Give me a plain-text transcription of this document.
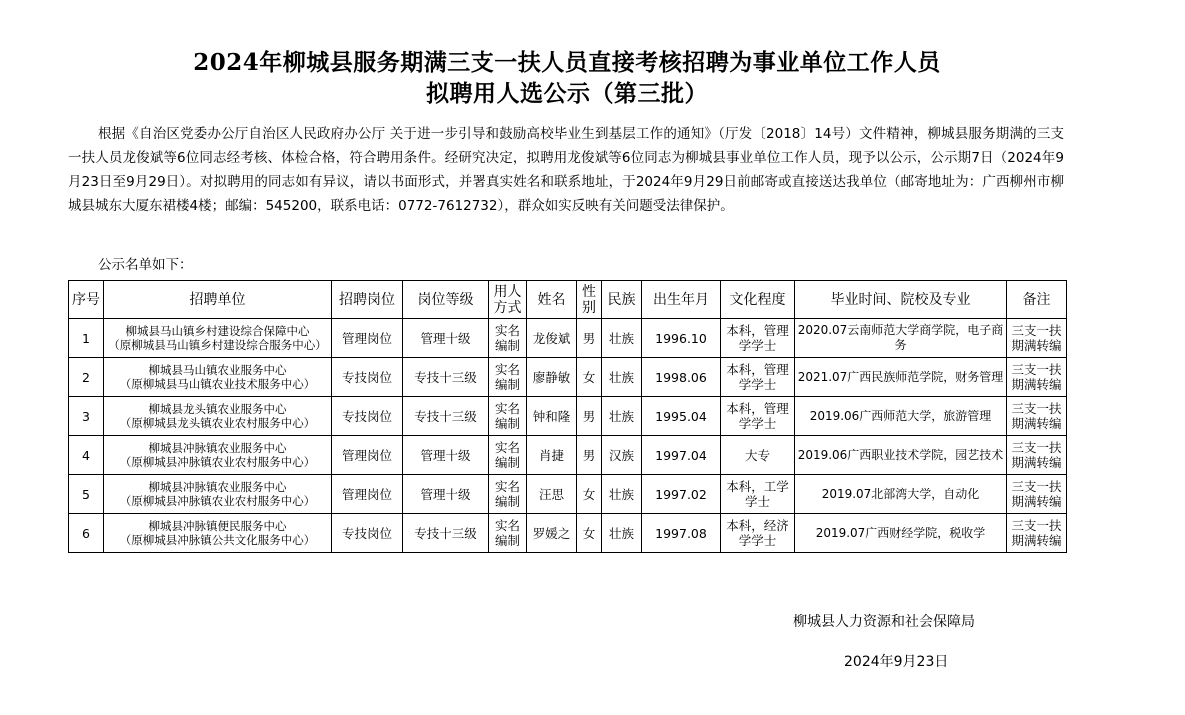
2024年柳城县服务期满三支一扶人员直接考核招聘为事业单位工作人员
拟聘用人选公示（第三批）

根据《自治区党委办公厅自治区人民政府办公厅 关于进一步引导和鼓励高校毕业生到基层工作的通知》（厅发〔2018〕14号）文件精神，柳城县服务期满的三支一扶人员龙俊斌等6位同志经考核、体检合格，符合聘用条件。经研究决定，拟聘用龙俊斌等6位同志为柳城县事业单位工作人员，现予以公示，公示期7日（2024年9月23日至9月29日）。对拟聘用的同志如有异议，请以书面形式，并署真实姓名和联系地址，于2024年9月29日前邮寄或直接送达我单位（邮寄地址为：广西柳州市柳城县城东大厦东裙楼4楼；邮编：545200，联系电话：0772-7612732），群众如实反映有关问题受法律保护。

公示名单如下：
序号	招聘单位	招聘岗位	岗位等级	用人方式	姓名	性别	民族	出生年月	文化程度	毕业时间、院校及专业	备注
1	柳城县马山镇乡村建设综合保障中心
（原柳城县马山镇乡村建设综合服务中心）	管理岗位	管理十级	实名编制	龙俊斌	男	壮族	1996.10	本科，管理学学士	2020.07云南师范大学商学院，电子商务	三支一扶期满转编
2	柳城县马山镇农业服务中心
（原柳城县马山镇农业技术服务中心）	专技岗位	专技十三级	实名编制	廖静敏	女	壮族	1998.06	本科，管理学学士	2021.07广西民族师范学院，财务管理	三支一扶期满转编
3	柳城县龙头镇农业服务中心
（原柳城县龙头镇农业农村服务中心）	专技岗位	专技十三级	实名编制	钟和隆	男	壮族	1995.04	本科，管理学学士	2019.06广西师范大学，旅游管理	三支一扶期满转编
4	柳城县冲脉镇农业服务中心
（原柳城县冲脉镇农业农村服务中心）	管理岗位	管理十级	实名编制	肖捷	男	汉族	1997.04	大专	2019.06广西职业技术学院，园艺技术	三支一扶期满转编
5	柳城县冲脉镇农业服务中心
（原柳城县冲脉镇农业农村服务中心）	管理岗位	管理十级	实名编制	汪思	女	壮族	1997.02	本科，工学学士	2019.07北部湾大学，自动化	三支一扶期满转编
6	柳城县冲脉镇便民服务中心
（原柳城县冲脉镇公共文化服务中心）	专技岗位	专技十三级	实名编制	罗媛之	女	壮族	1997.08	本科，经济学学士	2019.07广西财经学院，税收学	三支一扶期满转编
柳城县人力资源和社会保障局
2024年9月23日
